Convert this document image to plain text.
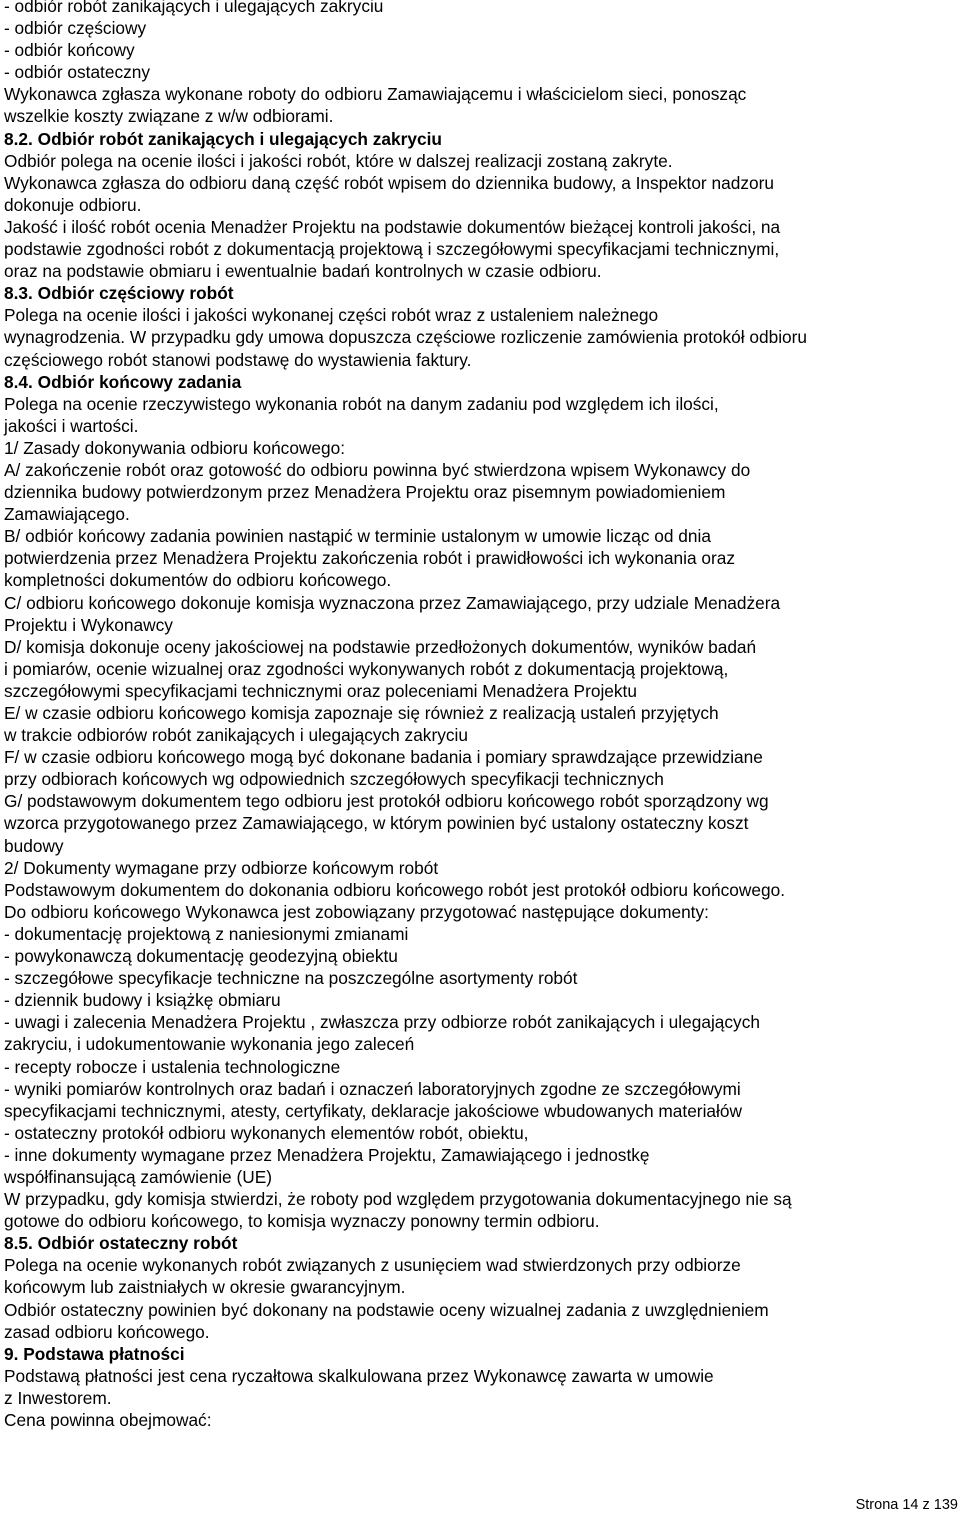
- odbiór robót zanikających i ulegających zakryciu
- odbiór częściowy
- odbiór końcowy
- odbiór ostateczny
Wykonawca zgłasza wykonane roboty do odbioru Zamawiającemu i właścicielom sieci, ponosząc
wszelkie koszty związane z w/w odbiorami.
8.2. Odbiór robót zanikających i ulegających zakryciu
Odbiór polega na ocenie ilości i jakości robót, które w dalszej realizacji zostaną zakryte.
Wykonawca zgłasza do odbioru daną część robót wpisem do dziennika budowy, a Inspektor nadzoru
dokonuje odbioru.
Jakość i ilość robót ocenia Menadżer Projektu na podstawie dokumentów bieżącej kontroli jakości, na
podstawie zgodności robót z dokumentacją projektową i szczegółowymi specyfikacjami technicznymi,
oraz na podstawie obmiaru i ewentualnie badań kontrolnych w czasie odbioru.
8.3. Odbiór częściowy robót
Polega na ocenie ilości i jakości wykonanej części robót wraz z ustaleniem należnego
wynagrodzenia. W przypadku gdy umowa dopuszcza częściowe rozliczenie zamówienia protokół odbioru
częściowego robót stanowi podstawę do wystawienia faktury.
8.4. Odbiór końcowy zadania
Polega na ocenie rzeczywistego wykonania robót na danym zadaniu pod względem ich ilości,
jakości i wartości.
1/ Zasady dokonywania odbioru końcowego:
A/ zakończenie robót oraz gotowość do odbioru powinna być stwierdzona wpisem Wykonawcy do
dziennika budowy potwierdzonym przez Menadżera Projektu oraz pisemnym powiadomieniem
Zamawiającego.
B/ odbiór końcowy zadania powinien nastąpić w terminie ustalonym w umowie licząc od dnia
potwierdzenia przez Menadżera Projektu zakończenia robót i prawidłowości ich wykonania oraz
kompletności dokumentów do odbioru końcowego.
C/ odbioru końcowego dokonuje komisja wyznaczona przez Zamawiającego, przy udziale Menadżera
Projektu i Wykonawcy
D/ komisja dokonuje oceny jakościowej na podstawie przedłożonych dokumentów, wyników badań
i pomiarów, ocenie wizualnej oraz zgodności wykonywanych robót z dokumentacją projektową,
szczegółowymi specyfikacjami technicznymi oraz poleceniami Menadżera Projektu
E/ w czasie odbioru końcowego komisja zapoznaje się również z realizacją ustaleń przyjętych
w trakcie odbiorów robót zanikających i ulegających zakryciu
F/ w czasie odbioru końcowego mogą być dokonane badania i pomiary sprawdzające przewidziane
przy odbiorach końcowych wg odpowiednich szczegółowych specyfikacji technicznych
G/ podstawowym dokumentem tego odbioru jest protokół odbioru końcowego robót sporządzony wg
wzorca przygotowanego przez Zamawiającego, w którym powinien być ustalony ostateczny koszt
budowy
2/ Dokumenty wymagane przy odbiorze końcowym robót
Podstawowym dokumentem do dokonania odbioru końcowego robót jest protokół odbioru końcowego.
Do odbioru końcowego Wykonawca jest zobowiązany przygotować następujące dokumenty:
- dokumentację projektową z naniesionymi zmianami
- powykonawczą dokumentację geodezyjną obiektu
- szczegółowe specyfikacje techniczne na poszczególne asortymenty robót
- dziennik budowy i książkę obmiaru
- uwagi i zalecenia Menadżera Projektu , zwłaszcza przy odbiorze robót zanikających i ulegających
zakryciu, i udokumentowanie wykonania jego zaleceń
- recepty robocze i ustalenia technologiczne
- wyniki pomiarów kontrolnych oraz badań i oznaczeń laboratoryjnych zgodne ze szczegółowymi
specyfikacjami technicznymi, atesty, certyfikaty, deklaracje jakościowe wbudowanych materiałów
- ostateczny protokół odbioru wykonanych elementów robót, obiektu,
- inne dokumenty wymagane przez Menadżera Projektu, Zamawiającego i jednostkę
współfinansującą zamówienie (UE)
W przypadku, gdy komisja stwierdzi, że roboty pod względem przygotowania dokumentacyjnego nie są
gotowe do odbioru końcowego, to komisja wyznaczy ponowny termin odbioru.
8.5. Odbiór ostateczny robót
Polega na ocenie wykonanych robót związanych z usunięciem wad stwierdzonych przy odbiorze
końcowym lub zaistniałych w okresie gwarancyjnym.
Odbiór ostateczny powinien być dokonany na podstawie oceny wizualnej zadania z uwzględnieniem
zasad odbioru końcowego.
9. Podstawa płatności
Podstawą płatności jest cena ryczałtowa skalkulowana przez Wykonawcę zawarta w umowie
z Inwestorem.
Cena powinna obejmować:
Strona 14 z 139
